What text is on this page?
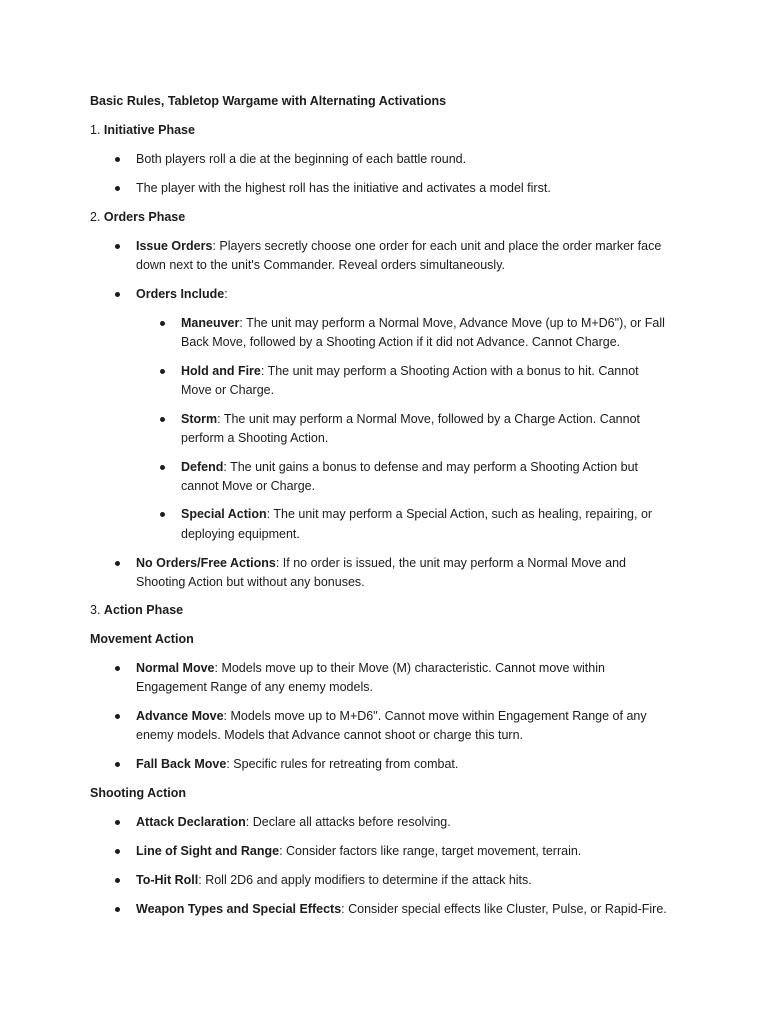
Basic Rules, Tabletop Wargame with Alternating Activations
1. Initiative Phase
Both players roll a die at the beginning of each battle round.
The player with the highest roll has the initiative and activates a model first.
2. Orders Phase
Issue Orders: Players secretly choose one order for each unit and place the order marker face
down next to the unit's Commander. Reveal orders simultaneously.
Orders Include:
Maneuver: The unit may perform a Normal Move, Advance Move (up to M+D6"), or Fall
Back Move, followed by a Shooting Action if it did not Advance. Cannot Charge.
Hold and Fire: The unit may perform a Shooting Action with a bonus to hit. Cannot
Move or Charge.
Storm: The unit may perform a Normal Move, followed by a Charge Action. Cannot
perform a Shooting Action.
Defend: The unit gains a bonus to defense and may perform a Shooting Action but
cannot Move or Charge.
Special Action: The unit may perform a Special Action, such as healing, repairing, or
deploying equipment.
No Orders/Free Actions: If no order is issued, the unit may perform a Normal Move and
Shooting Action but without any bonuses.
3. Action Phase
Movement Action
Normal Move: Models move up to their Move (M) characteristic. Cannot move within
Engagement Range of any enemy models.
Advance Move: Models move up to M+D6". Cannot move within Engagement Range of any
enemy models. Models that Advance cannot shoot or charge this turn.
Fall Back Move: Specific rules for retreating from combat.
Shooting Action
Attack Declaration: Declare all attacks before resolving.
Line of Sight and Range: Consider factors like range, target movement, terrain.
To-Hit Roll: Roll 2D6 and apply modifiers to determine if the attack hits.
Weapon Types and Special Effects: Consider special effects like Cluster, Pulse, or Rapid-Fire.
